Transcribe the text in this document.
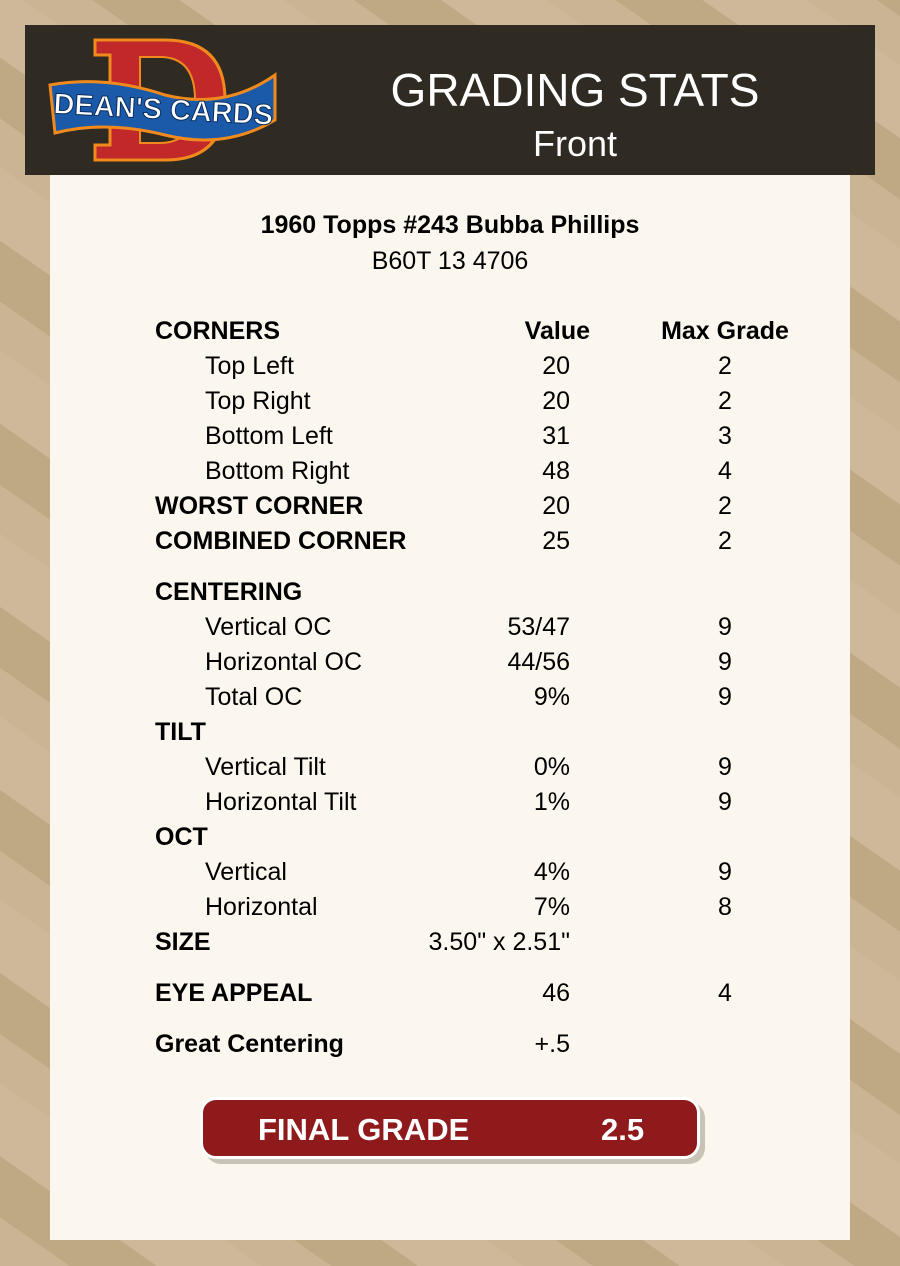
DEAN'S CARDS	GRADING STATS
Front
1960 Topps #243 Bubba Phillips
B60T 13 4706
CORNERS	Value	Max Grade
Top Left	20	2
Top Right	20	2
Bottom Left	31	3
Bottom Right	48	4
WORST CORNER	20	2
COMBINED CORNER	25	2
CENTERING
Vertical OC	53/47	9
Horizontal OC	44/56	9
Total OC	9%	9
TILT
Vertical Tilt	0%	9
Horizontal Tilt	1%	9
OCT
Vertical	4%	9
Horizontal	7%	8
SIZE	3.50" x 2.51"
EYE APPEAL	46	4
Great Centering	+.5
FINAL GRADE	2.5
